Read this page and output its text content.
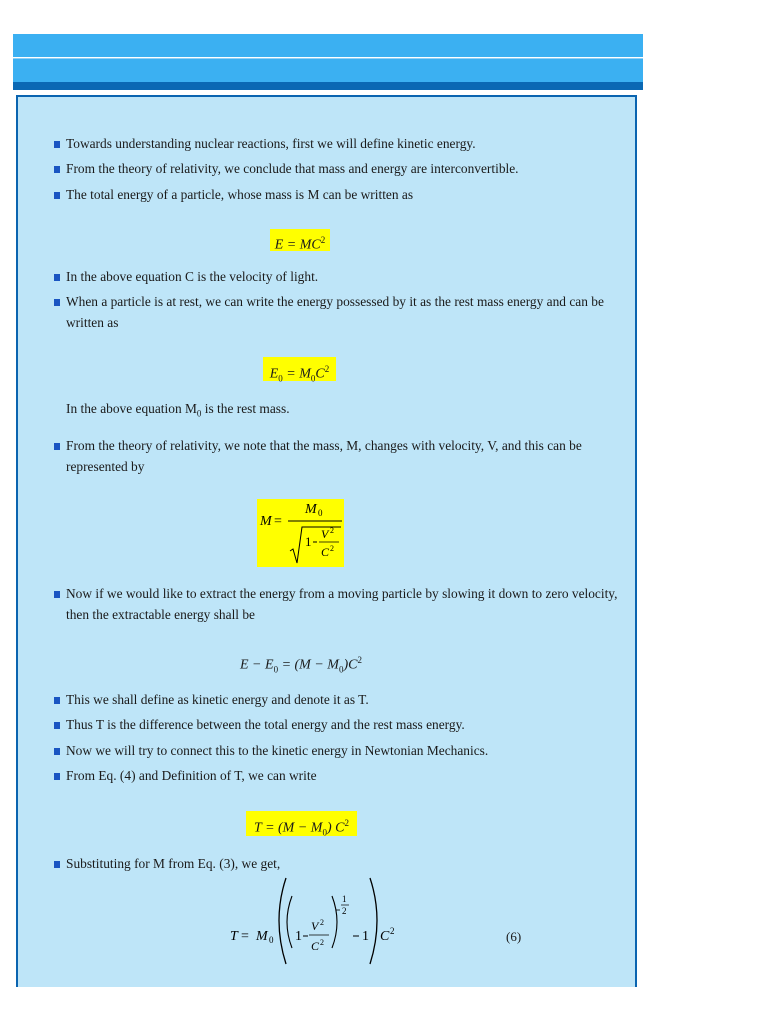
Towards understanding nuclear reactions, first we will define kinetic energy.
From the theory of relativity, we conclude that mass and energy are interconvertible.
The total energy of a particle, whose mass is M can be written as
$E = MC^2$
In the above equation C is the velocity of light.
When a particle is at rest, we can write the energy possessed by it as the rest mass energy and can be written as
$E_0 = M_0C^2$
In the above equation $M_0$ is the rest mass.
From the theory of relativity, we note that the mass, M, changes with velocity, V, and this can be represented by
M =
M 0
1 V 2
C 2
Now if we would like to extract the energy from a moving particle by slowing it down to zero velocity, then the extractable energy shall be
$E - E_0 = (M - M_0)C^2$
This we shall define as kinetic energy and denote it as T.
Thus T is the difference between the total energy and the rest mass energy.
Now we will try to connect this to the kinetic energy in Newtonian Mechanics.
From Eq. (4) and Definition of T, we can write
$T = (M - M_0)$ $C^2$
Substituting for M from Eq. (3), we get,
T = M 0 1
V 2
C 2
1
2
1 C 2	(6)
